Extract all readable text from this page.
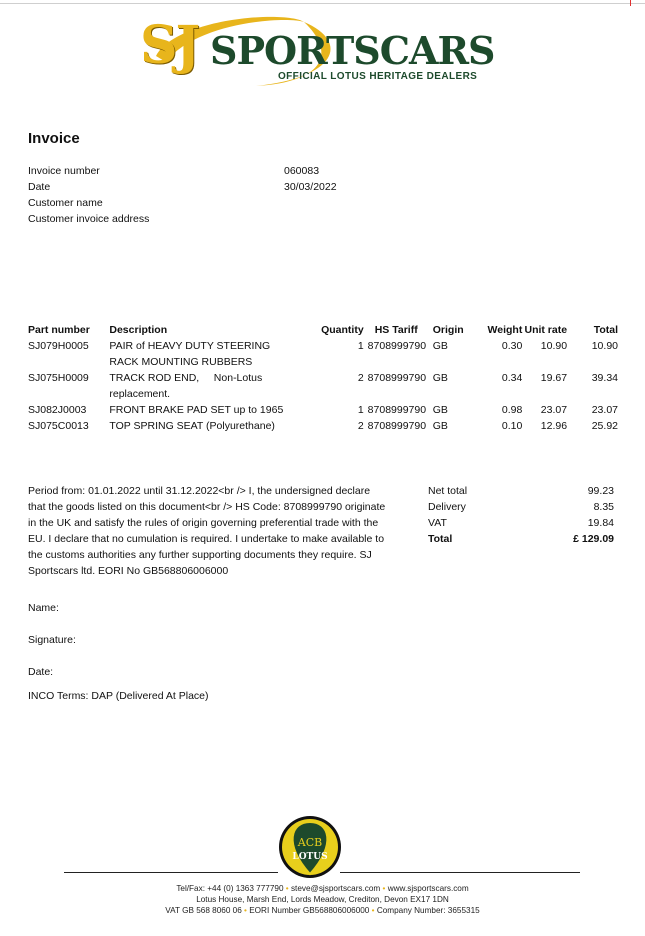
SJ SPORTSCARS
OFFICIAL LOTUS HERITAGE DEALERS
Invoice
Invoice number	060083
Date	30/03/2022
Customer name
Customer invoice address
Part number	Description	Quantity	HS Tariff	Origin	Weight	Unit rate	Total
SJ079H0005	PAIR of HEAVY DUTY STEERING RACK MOUNTING RUBBERS	1	8708999790	GB	0.30	10.90	10.90
SJ075H0009	TRACK ROD END,     Non-Lotus replacement.	2	8708999790	GB	0.34	19.67	39.34
SJ082J0003	FRONT BRAKE PAD SET up to 1965	1	8708999790	GB	0.98	23.07	23.07
SJ075C0013	TOP SPRING SEAT (Polyurethane)	2	8708999790	GB	0.10	12.96	25.92
Period from: 01.01.2022 until 31.12.2022<br /> I, the undersigned declare that the goods listed on this document<br /> HS Code: 8708999790 originate in the UK and satisfy the rules of origin governing preferential trade with the EU. I declare that no cumulation is required. I undertake to make available to the customs authorities any further supporting documents they require. SJ Sportscars ltd. EORI No GB568806006000
Name:
Signature:
Date:
INCO Terms: DAP (Delivered At Place)
Net total	99.23
Delivery	8.35
VAT	19.84
Total	£ 129.09
ACB
LOTUS
Tel/Fax: +44 (0) 1363 777790 • steve@sjsportscars.com • www.sjsportscars.com
Lotus House, Marsh End, Lords Meadow, Crediton, Devon EX17 1DN
VAT GB 568 8060 06 • EORI Number GB568806006000 • Company Number: 3655315
